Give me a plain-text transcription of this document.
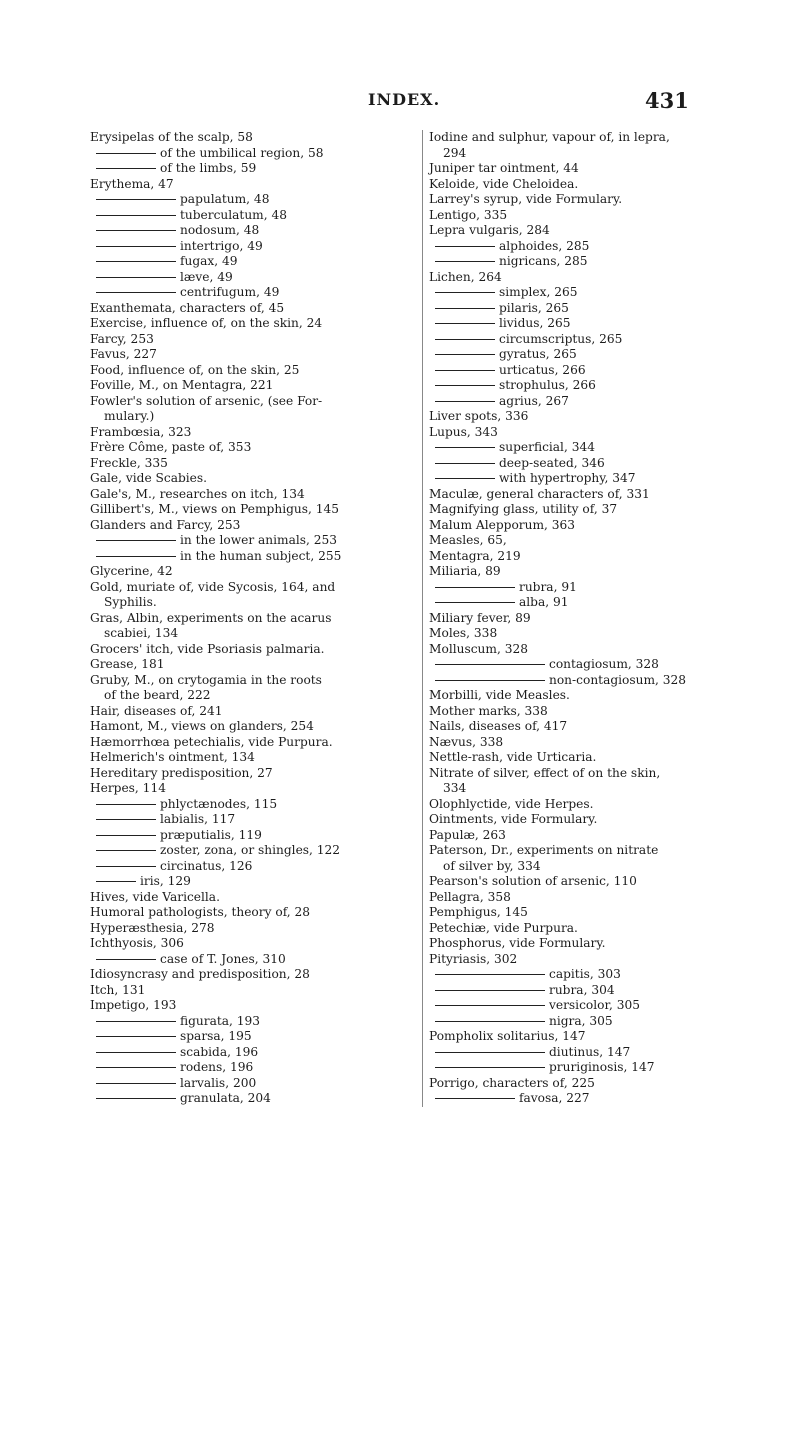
INDEX.	431
Erysipelas of the scalp, 58
of the umbilical region, 58
of the limbs, 59
Erythema, 47
papulatum, 48
tuberculatum, 48
nodosum, 48
intertrigo, 49
fugax, 49
læve, 49
centrifugum, 49
Exanthemata, characters of, 45
Exercise, influence of, on the skin, 24
Farcy, 253
Favus, 227
Food, influence of, on the skin, 25
Foville, M., on Mentagra, 221
Fowler's solution of arsenic, (see For-
mulary.)
Frambœsia, 323
Frère Côme, paste of, 353
Freckle, 335
Gale, vide Scabies.
Gale's, M., researches on itch, 134
Gillibert's, M., views on Pemphigus, 145
Glanders and Farcy, 253
in the lower animals, 253
in the human subject, 255
Glycerine, 42
Gold, muriate of, vide Sycosis, 164, and
Syphilis.
Gras, Albin, experiments on the acarus
scabiei, 134
Grocers' itch, vide Psoriasis palmaria.
Grease, 181
Gruby, M., on crytogamia in the roots
of the beard, 222
Hair, diseases of, 241
Hamont, M., views on glanders, 254
Hæmorrhœa petechialis, vide Purpura.
Helmerich's ointment, 134
Hereditary predisposition, 27
Herpes, 114
phlyctænodes, 115
labialis, 117
præputialis, 119
zoster, zona, or shingles, 122
circinatus, 126
iris, 129
Hives, vide Varicella.
Humoral pathologists, theory of, 28
Hyperæsthesia, 278
Ichthyosis, 306
case of T. Jones, 310
Idiosyncrasy and predisposition, 28
Itch, 131
Impetigo, 193
figurata, 193
sparsa, 195
scabida, 196
rodens, 196
larvalis, 200
granulata, 204
Iodine and sulphur, vapour of, in lepra,
294
Juniper tar ointment, 44
Keloide, vide Cheloidea.
Larrey's syrup, vide Formulary.
Lentigo, 335
Lepra vulgaris, 284
alphoides, 285
nigricans, 285
Lichen, 264
simplex, 265
pilaris, 265
lividus, 265
circumscriptus, 265
gyratus, 265
urticatus, 266
strophulus, 266
agrius, 267
Liver spots, 336
Lupus, 343
superficial, 344
deep-seated, 346
with hypertrophy, 347
Maculæ, general characters of, 331
Magnifying glass, utility of, 37
Malum Alepporum, 363
Measles, 65,
Mentagra, 219
Miliaria, 89
rubra, 91
alba, 91
Miliary fever, 89
Moles, 338
Molluscum, 328
contagiosum, 328
non-contagiosum, 328
Morbilli, vide Measles.
Mother marks, 338
Nails, diseases of, 417
Nævus, 338
Nettle-rash, vide Urticaria.
Nitrate of silver, effect of on the skin,
334
Olophlyctide, vide Herpes.
Ointments, vide Formulary.
Papulæ, 263
Paterson, Dr., experiments on nitrate
of silver by, 334
Pearson's solution of arsenic, 110
Pellagra, 358
Pemphigus, 145
Petechiæ, vide Purpura.
Phosphorus, vide Formulary.
Pityriasis, 302
capitis, 303
rubra, 304
versicolor, 305
nigra, 305
Pompholix solitarius, 147
diutinus, 147
pruriginosis, 147
Porrigo, characters of, 225
favosa, 227
